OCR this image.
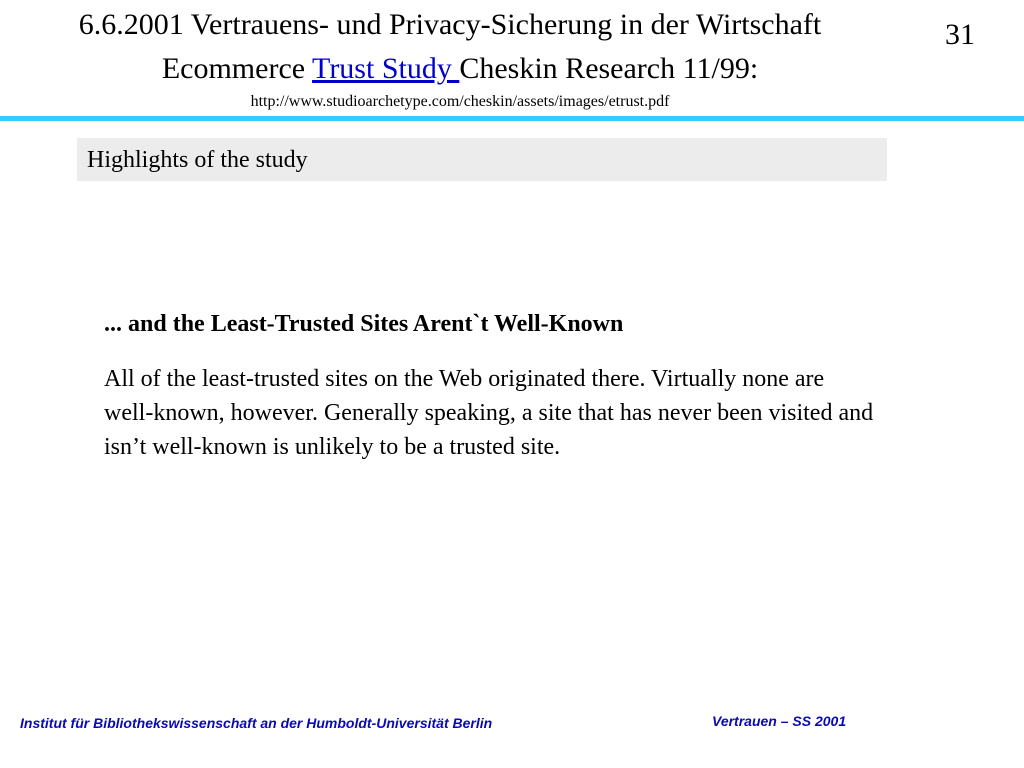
6.6.2001 Vertrauens- und Privacy-Sicherung in der Wirtschaft
Ecommerce Trust Study Cheskin Research 11/99:
http://www.studioarchetype.com/cheskin/assets/images/etrust.pdf
31
Highlights of the study

... and the Least-Trusted Sites Arent`t Well-Known

All of the least-trusted sites on the Web originated there. Virtually none are well-known, however. Generally speaking, a site that has never been visited and isn’t well-known is unlikely to be a trusted site.

Institut für Bibliothekswissenschaft an der Humboldt-Universität Berlin	Vertrauen – SS 2001
